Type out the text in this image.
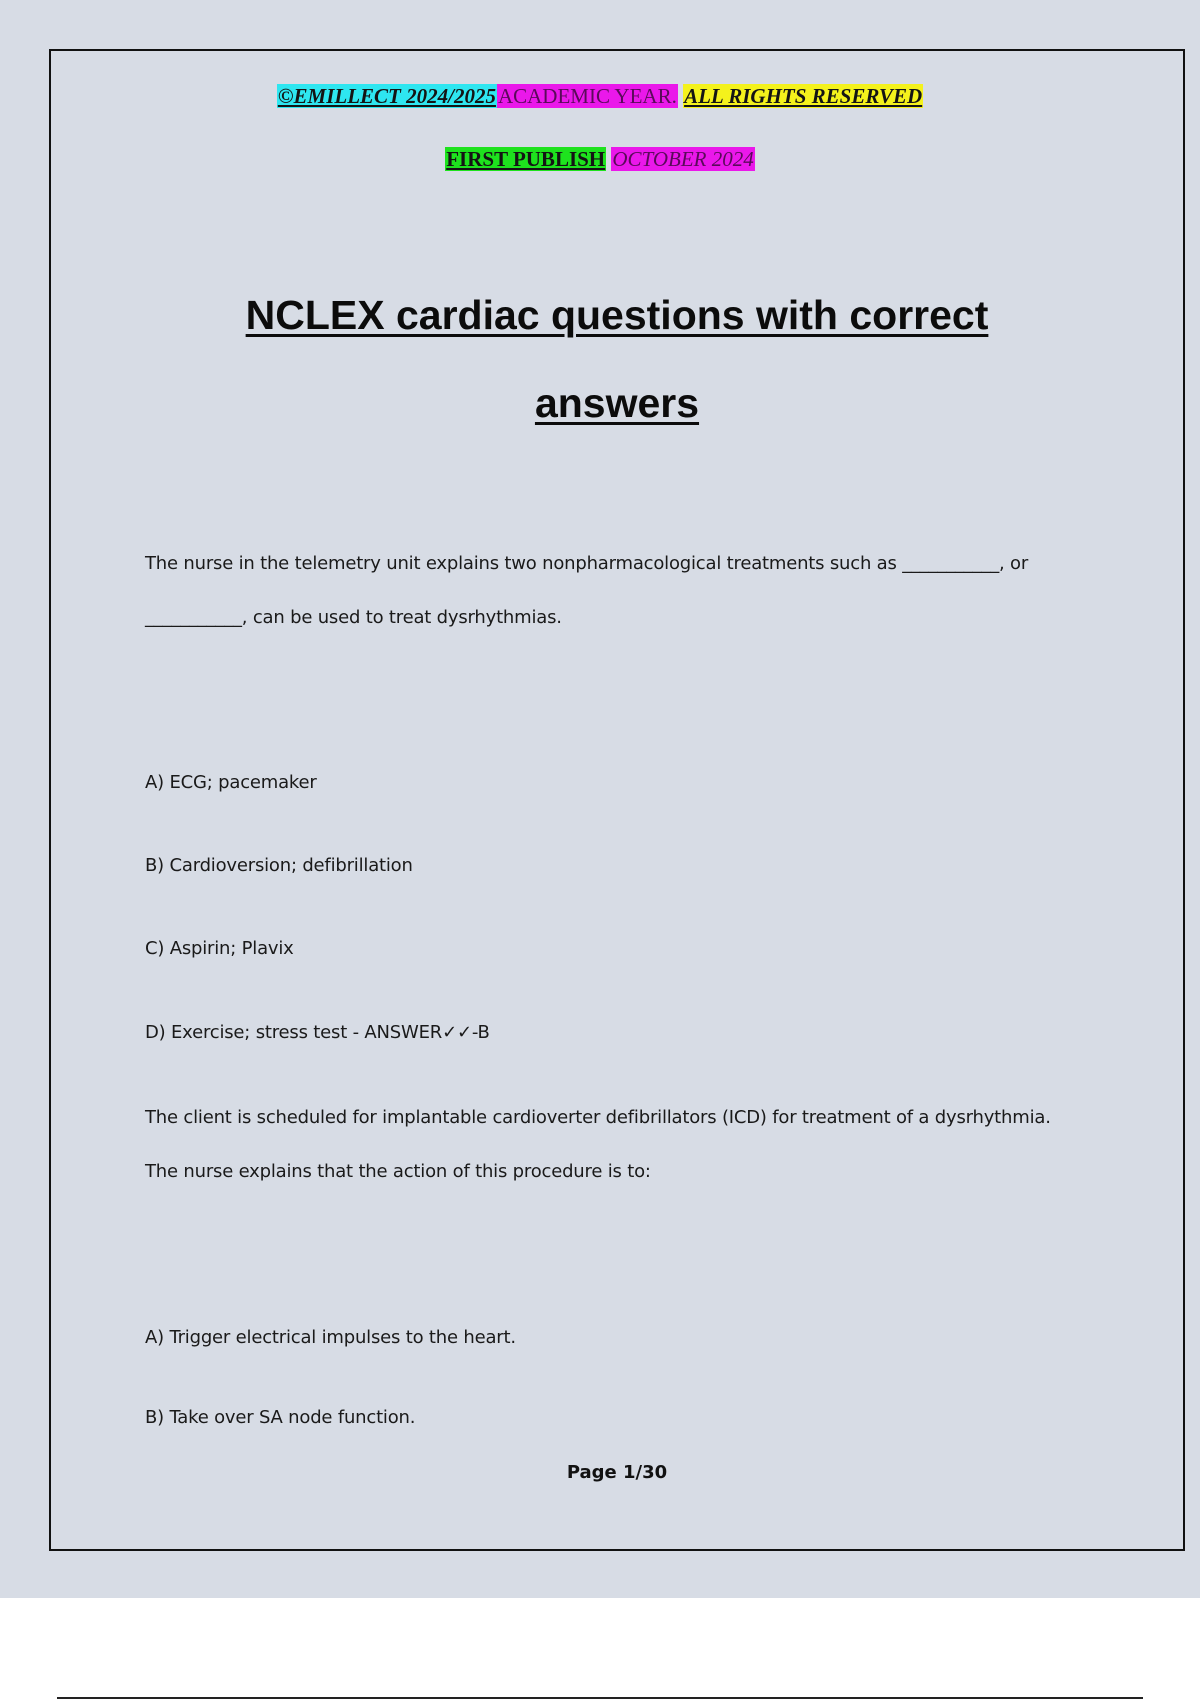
©EMILLECT 2024/2025ACADEMIC YEAR. ALL RIGHTS RESERVED
FIRST PUBLISH OCTOBER 2024
NCLEX cardiac questions with correct
answers
The nurse in the telemetry unit explains two nonpharmacological treatments such as ___________, or
___________, can be used to treat dysrhythmias.
A) ECG; pacemaker
B) Cardioversion; defibrillation
C) Aspirin; Plavix
D) Exercise; stress test - ANSWER✓✓-B
The client is scheduled for implantable cardioverter defibrillators (ICD) for treatment of a dysrhythmia.
The nurse explains that the action of this procedure is to:
A) Trigger electrical impulses to the heart.
B) Take over SA node function.
Page 1/30
